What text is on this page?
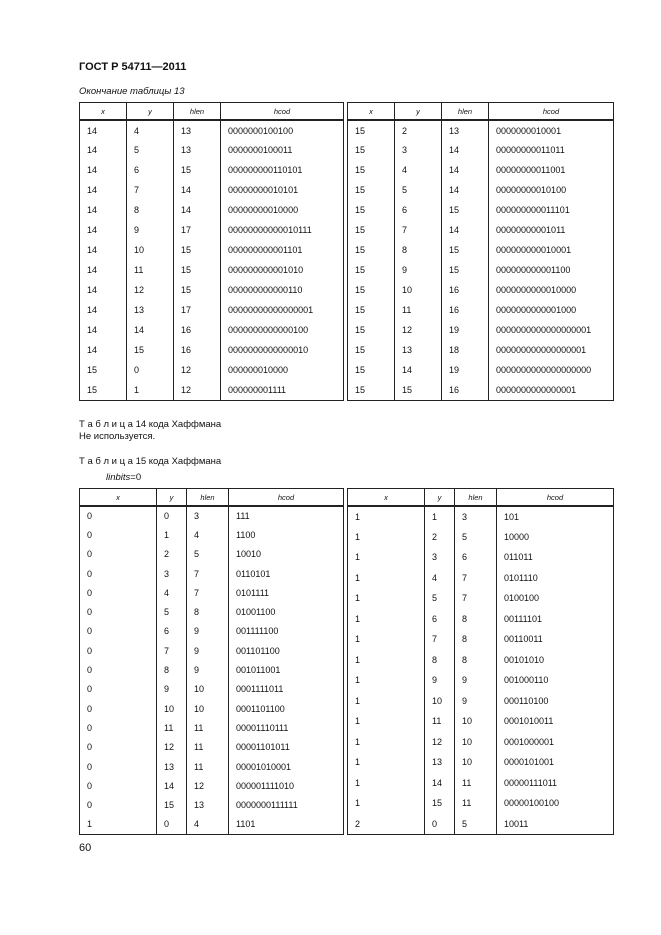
ГОСТ Р 54711—2011
Окончание таблицы 13
x	y	hlen	hcod
14	4	13	0000000100100
14	5	13	0000000100011
14	6	15	000000000110101
14	7	14	00000000010101
14	8	14	00000000010000
14	9	17	00000000000010111
14	10	15	000000000001101
14	11	15	000000000001010
14	12	15	000000000000110
14	13	17	00000000000000001
14	14	16	0000000000000100
14	15	16	0000000000000010
15	0	12	000000010000
15	1	12	000000001111
x	y	hlen	hcod
15	2	13	0000000010001
15	3	14	00000000011011
15	4	14	00000000011001
15	5	14	00000000010100
15	6	15	000000000011101
15	7	14	00000000001011
15	8	15	000000000010001
15	9	15	000000000001100
15	10	16	0000000000010000
15	11	16	0000000000001000
15	12	19	0000000000000000001
15	13	18	000000000000000001
15	14	19	0000000000000000000
15	15	16	0000000000000001
Т а б л и ц а 14 кода Хаффмана
Не используется.
Т а б л и ц а 15 кода Хаффмана
linbits=0
x	y	hlen	hcod
0	0	3	111
0	1	4	1100
0	2	5	10010
0	3	7	0110101
0	4	7	0101111
0	5	8	01001100
0	6	9	001111100
0	7	9	001101100
0	8	9	001011001
0	9	10	0001111011
0	10	10	0001101100
0	11	11	00001110111
0	12	11	00001101011
0	13	11	00001010001
0	14	12	000001111010
0	15	13	0000000111111
1	0	4	1101
x	y	hlen	hcod
1	1	3	101
1	2	5	10000
1	3	6	011011
1	4	7	0101110
1	5	7	0100100
1	6	8	00111101
1	7	8	00110011
1	8	8	00101010
1	9	9	001000110
1	10	9	000110100
1	11	10	0001010011
1	12	10	0001000001
1	13	10	0000101001
1	14	11	00000111011
1	15	11	00000100100
2	0	5	10011
60
